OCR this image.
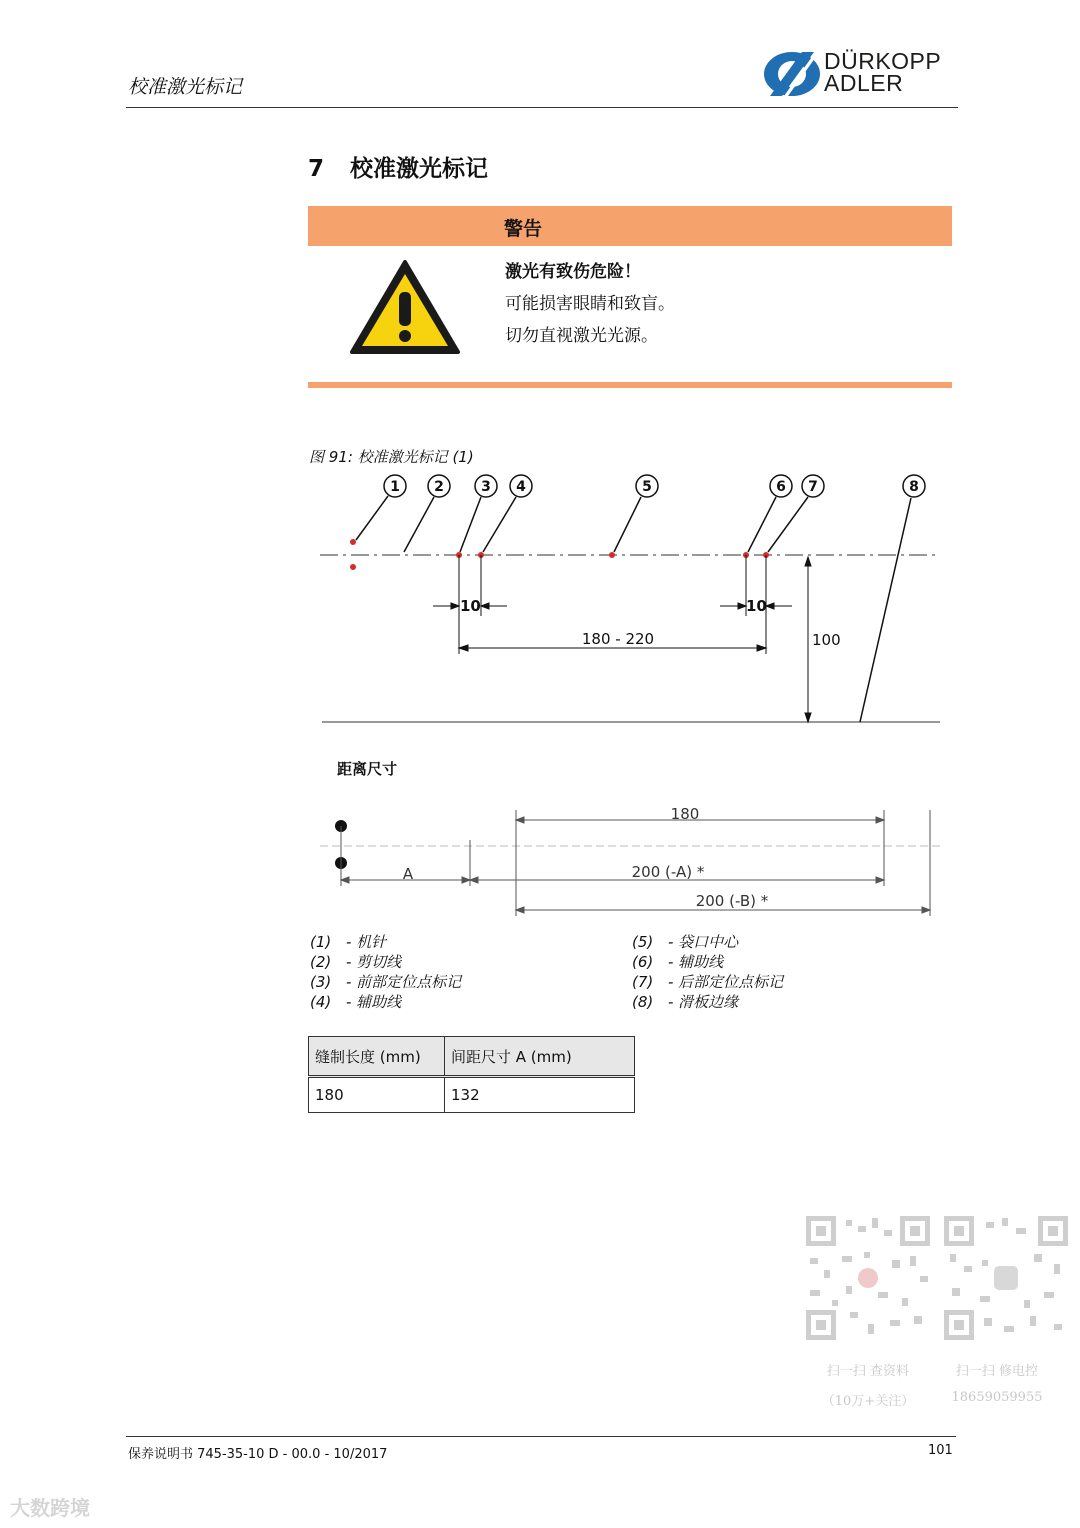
校准激光标记
DÜRKOPP
ADLER
7 校准激光标记
警告
激光有致伤危险！
可能损害眼睛和致盲。
切勿直视激光光源。
图 91: 校准激光标记 (1)
1 2	3 4	5	6 7	8
10	10
180 - 220	100
距离尺寸
A
180
200 (-A) *
200 (-B) *
(1) - 机针
(2) - 剪切线
(3) - 前部定位点标记
(4) - 辅助线
(5) - 袋口中心
(6) - 辅助线
(7) - 后部定位点标记
(8) - 滑板边缘
缝制长度 (mm)	间距尺寸 A (mm)
180	132
扫一扫 查资料
（10万+关注）
扫一扫 修电控
18659059955
保养说明书 745-35-10 D - 00.0 - 10/2017	101
大数跨境
